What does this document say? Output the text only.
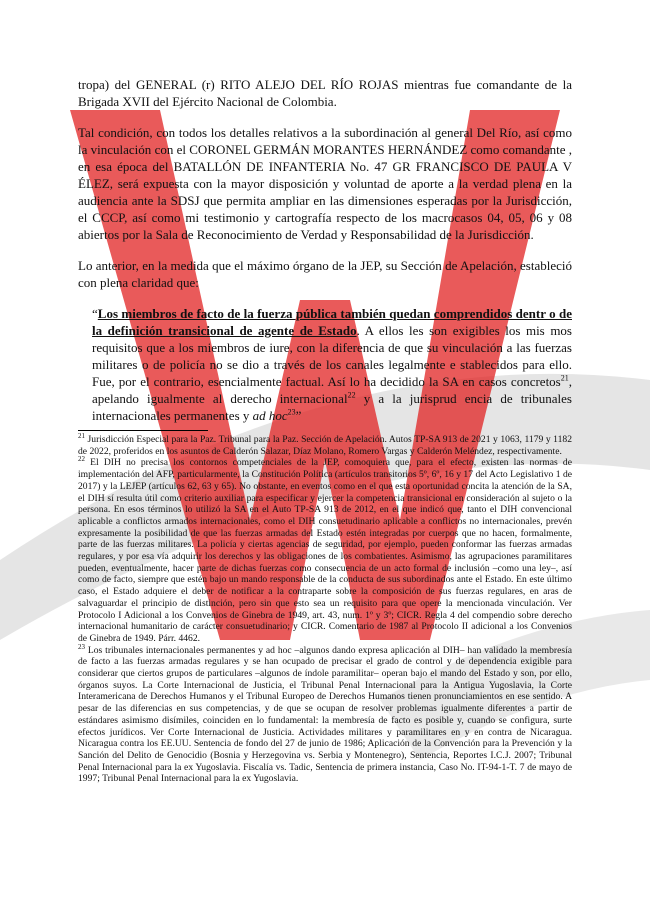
tropa) del GENERAL (r) RITO ALEJO DEL RÍO ROJAS mientras fue comandante de la Brigada XVII del Ejército Nacional de Colombia.

Tal condición, con todos los detalles relativos a la subordinación al general Del Río, así como la vinculación con el CORONEL GERMÁN MORANTES HERNÁNDEZ como comandante , en esa época del BATALLÓN DE INFANTERIA No. 47 GR FRANCISCO DE PAULA V ÉLEZ, será expuesta con la mayor disposición y voluntad de aporte a la verdad plena en la audiencia ante la SDSJ que permita ampliar en las dimensiones esperadas por la Jurisdicción, el CCCP, así como mi testimonio y cartografía respecto de los macrocasos 04, 05, 06 y 08 abiertos por la Sala de Reconocimiento de Verdad y Responsabilidad de la Jurisdicción.

Lo anterior, en la medida que el máximo órgano de la JEP, su Sección de Apelación, estableció con plena claridad que:

“Los miembros de facto de la fuerza pública también quedan comprendidos dentr o de la definición transicional de agente de Estado. A ellos les son exigibles los mis mos requisitos que a los miembros de iure, con la diferencia de que su vinculación a las fuerzas militares o de policía no se dio a través de los canales legalmente e stablecidos para ello. Fue, por el contrario, esencialmente factual. Así lo ha decidido la SA en casos concretos$^{21}$, apelando igualmente al derecho internacional$^{22}$ y a la jurisprud encia de tribunales internacionales permanentes y ad hoc$^{23}$”

$^{21}$ Jurisdicción Especial para la Paz. Tribunal para la Paz. Sección de Apelación. Autos TP-SA 913 de 2021 y 1063, 1179 y 1182 de 2022, proferidos en los asuntos de Calderón Salazar, Díaz Molano, Romero Vargas y Calderón Meléndez, respectivamente.

$^{22}$ El DIH no precisa los contornos competenciales de la JEP, comoquiera que, para el efecto, existen las normas de implementación del AFP, particularmente, la Constitución Política (artículos transitorios 5º, 6º, 16 y 17 del Acto Legislativo 1 de 2017) y la LEJEP (artículos 62, 63 y 65). No obstante, en eventos como en el que esta oportunidad concita la atención de la SA, el DIH sí resulta útil como criterio auxiliar para especificar y ejercer la competencia transicional en consideración al sujeto o la persona. En esos términos lo utilizó la SA en el Auto TP-SA 913 de 2012, en el que indicó que, tanto el DIH convencional aplicable a conflictos armados internacionales, como el DIH consuetudinario aplicable a conflictos no internacionales, prevén expresamente la posibilidad de que las fuerzas armadas del Estado estén integradas por cuerpos que no hacen, formalmente, parte de las fuerzas militares. La policía y ciertas agencias de seguridad, por ejemplo, pueden conformar las fuerzas armadas regulares, y por esa vía adquirir los derechos y las obligaciones de los combatientes. Asimismo, las agrupaciones paramilitares pueden, eventualmente, hacer parte de dichas fuerzas como consecuencia de un acto formal de inclusión –como una ley–, así como de facto, siempre que estén bajo un mando responsable de la conducta de sus subordinados ante el Estado. En este último caso, el Estado adquiere el deber de notificar a la contraparte sobre la composición de sus fuerzas regulares, en aras de salvaguardar el principio de distinción, pero sin que esto sea un requisito para que opere la mencionada vinculación. Ver Protocolo I Adicional a los Convenios de Ginebra de 1949, art. 43, num. 1º y 3º; CICR. Regla 4 del compendio sobre derecho internacional humanitario de carácter consuetudinario; y CICR. Comentario de 1987 al Protocolo II adicional a los Convenios de Ginebra de 1949. Párr. 4462.

$^{23}$ Los tribunales internacionales permanentes y ad hoc –algunos dando expresa aplicación al DIH– han validado la membresía de facto a las fuerzas armadas regulares y se han ocupado de precisar el grado de control y de dependencia exigible para considerar que ciertos grupos de particulares –algunos de índole paramilitar– operan bajo el mando del Estado y son, por ello, órganos suyos. La Corte Internacional de Justicia, el Tribunal Penal Internacional para la Antigua Yugoslavia, la Corte Interamericana de Derechos Humanos y el Tribunal Europeo de Derechos Humanos tienen pronunciamientos en ese sentido. A pesar de las diferencias en sus competencias, y de que se ocupan de resolver problemas igualmente diferentes a partir de estándares asimismo disímiles, coinciden en lo fundamental: la membresía de facto es posible y, cuando se configura, surte efectos jurídicos. Ver Corte Internacional de Justicia. Actividades militares y paramilitares en y en contra de Nicaragua. Nicaragua contra los EE.UU. Sentencia de fondo del 27 de junio de 1986; Aplicación de la Convención para la Prevención y la Sanción del Delito de Genocidio (Bosnia y Herzegovina vs. Serbia y Montenegro), Sentencia, Reportes I.C.J. 2007; Tribunal Penal Internacional para la ex Yugoslavia. Fiscalía vs. Tadic, Sentencia de primera instancia, Caso No. IT-94-1-T. 7 de mayo de 1997; Tribunal Penal Internacional para la ex Yugoslavia.
